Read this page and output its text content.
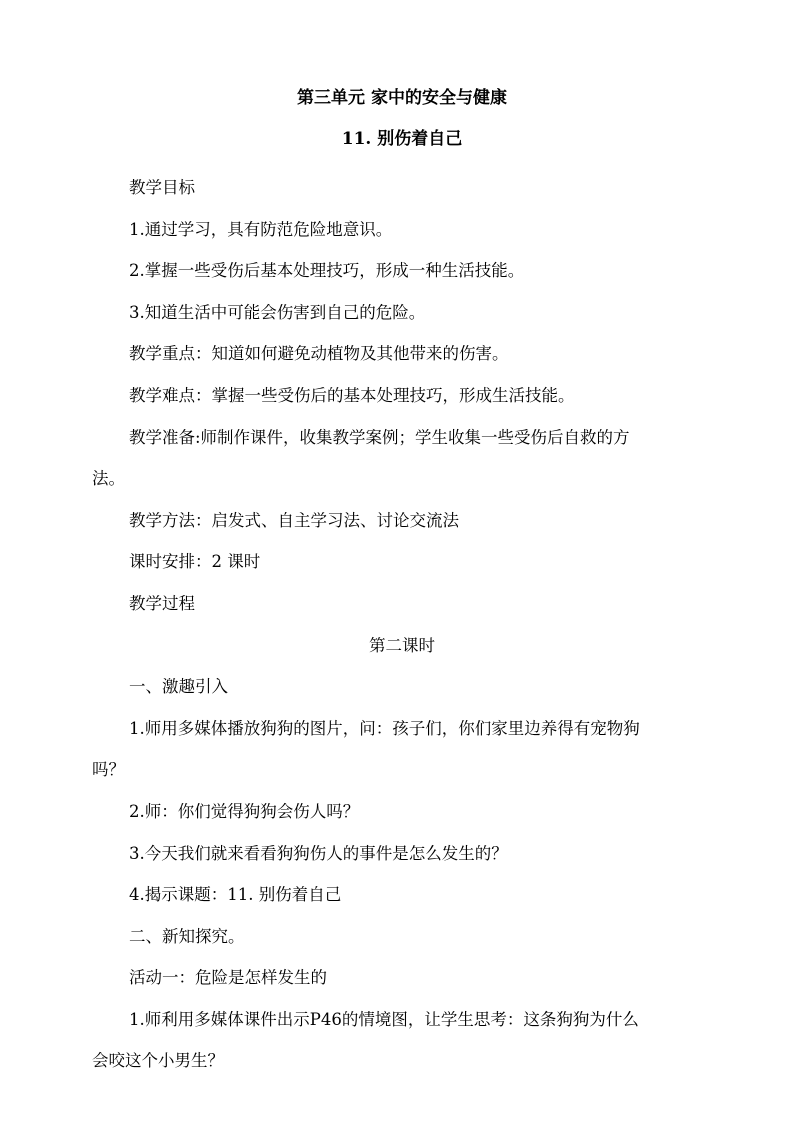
第三单元 家中的安全与健康

11. 别伤着自己

教学目标

1.通过学习，具有防范危险地意识。

2.掌握一些受伤后基本处理技巧，形成一种生活技能。

3.知道生活中可能会伤害到自己的危险。

教学重点：知道如何避免动植物及其他带来的伤害。

教学难点：掌握一些受伤后的基本处理技巧，形成生活技能。

教学准备:师制作课件，收集教学案例；学生收集一些受伤后自救的方

法。

教学方法：启发式、自主学习法、讨论交流法

课时安排：2 课时

教学过程

第二课时

一、激趣引入

1.师用多媒体播放狗狗的图片，问：孩子们，你们家里边养得有宠物狗

吗？

2.师：你们觉得狗狗会伤人吗？

3.今天我们就来看看狗狗伤人的事件是怎么发生的？

4.揭示课题：11. 别伤着自己

二、新知探究。

活动一：危险是怎样发生的

1.师利用多媒体课件出示P46的情境图，让学生思考：这条狗狗为什么

会咬这个小男生？
